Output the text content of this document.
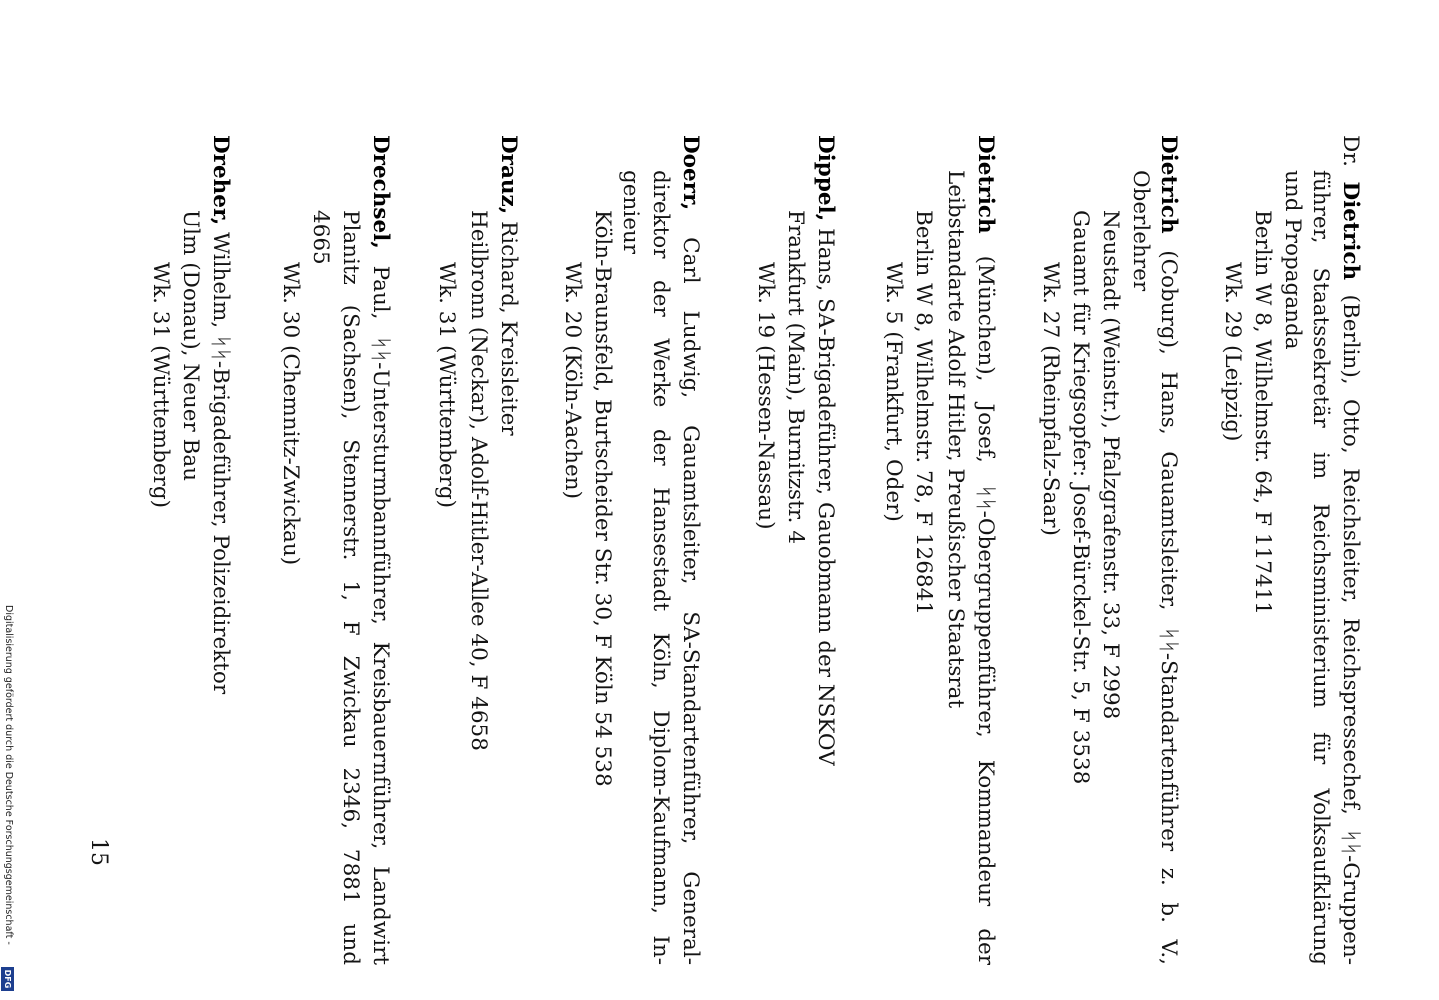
Dr. Dietrich (Berlin), Otto, Reichsleiter, Reichspressechef, ᛋᛋ-Gruppen-
führer, Staatssekretär im Reichsministerium für Volksaufklärung
und Propaganda
Berlin W 8, Wilhelmstr. 64, F 117411
Wk. 29 (Leipzig)
Dietrich (Coburg), Hans, Gauamtsleiter, ᛋᛋ-Standartenführer z. b. V.,
Oberlehrer
Neustadt (Weinstr.), Pfalzgrafenstr. 33, F 2998
Gauamt für Kriegsopfer: Josef-Bürckel-Str. 5, F 3538
Wk. 27 (Rheinpfalz-Saar)
Dietrich (München), Josef, ᛋᛋ-Obergruppenführer, Kommandeur der
Leibstandarte Adolf Hitler, Preußischer Staatsrat
Berlin W 8, Wilhelmstr. 78, F 126841
Wk. 5 (Frankfurt, Oder)
Dippel, Hans, SA-Brigadeführer, Gauobmann der NSKOV
Frankfurt (Main), Burnitzstr. 4
Wk. 19 (Hessen-Nassau)
Doerr, Carl Ludwig, Gauamtsleiter, SA-Standartenführer, General-
direktor der Werke der Hansestadt Köln, Diplom-Kaufmann, In-
genieur
Köln-Braunsfeld, Burtscheider Str. 30, F Köln 54 538
Wk. 20 (Köln-Aachen)
Drauz, Richard, Kreisleiter
Heilbronn (Neckar), Adolf-Hitler-Allee 40, F 4658
Wk. 31 (Württemberg)
Drechsel, Paul, ᛋᛋ-Untersturmbannführer, Kreisbauernführer, Landwirt
Planitz (Sachsen), Stennerstr. 1, F Zwickau 2346, 7881 und
4665
Wk. 30 (Chemnitz-Zwickau)
Dreher, Wilhelm, ᛋᛋ-Brigadeführer, Polizeidirektor
Ulm (Donau), Neuer Bau
Wk. 31 (Württemberg)
15
Digitalisierung gefördert durch die Deutsche Forschungsgemeinschaft -
DFG
